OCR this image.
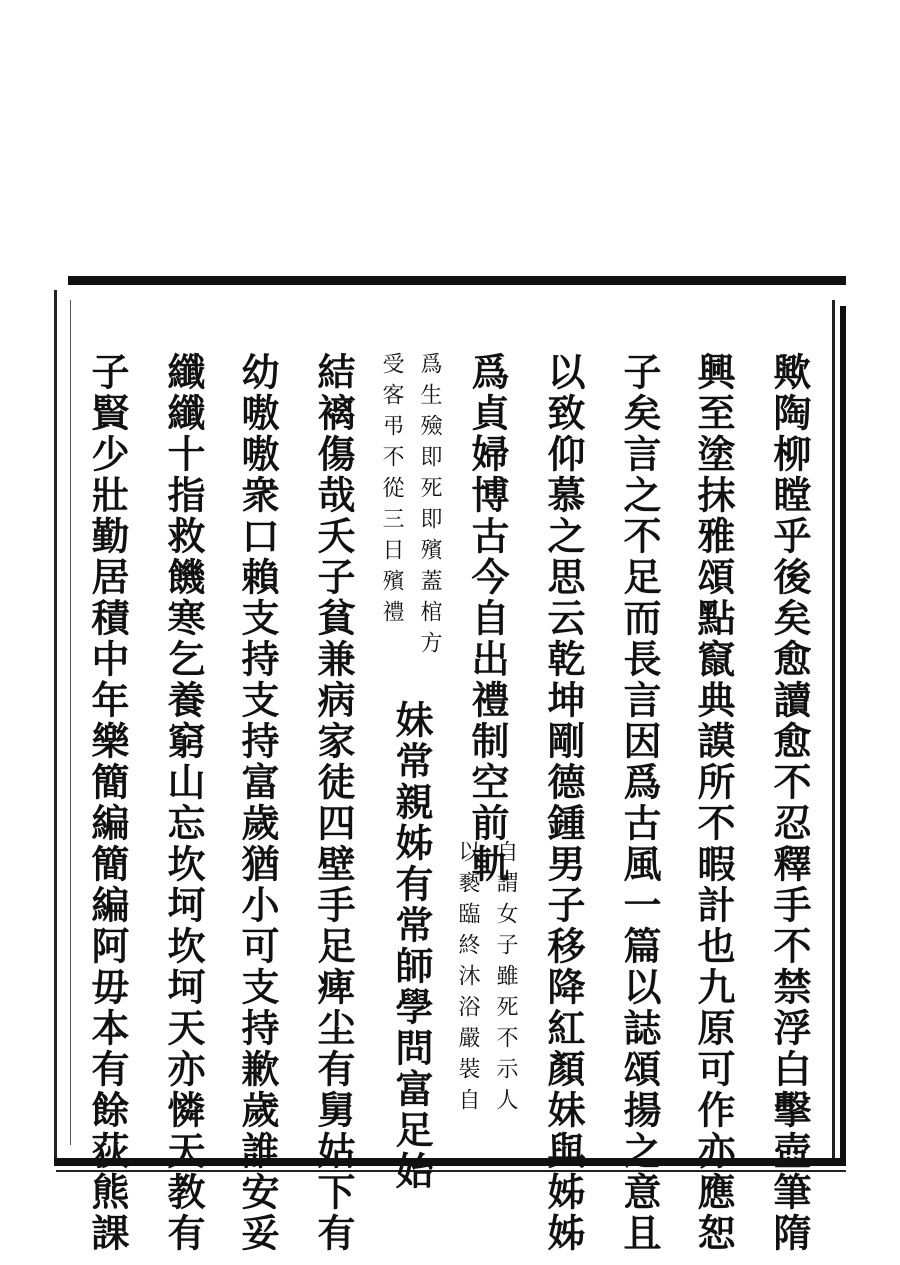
歟陶柳瞠乎後矣愈讀愈不忍釋手不禁浮白擊壺筆隋
興至塗抹雅頌點竄典謨所不暇計也九原可作亦應恕
子矣言之不足而長言因爲古風一篇以誌頌揚之意且
以致仰慕之思云乾坤剛德鍾男子移降紅顏妹與姊姊
爲貞婦博古今自出禮制空前軌
自謂女子雖死不示人
以褻臨終沐浴嚴裝自
爲生殮即死即殯蓋棺方
妹常親姊有常師學問富足始
受客弔不從三日殯禮
結褵傷哉夭子貧兼病家徒四壁手足痺尘有舅姑下有
幼嗷嗷衆口賴支持支持富歲猶小可支持歉歲誰安妥
纖纖十指救饑寒乞養窮山忘坎坷坎坷天亦憐天教有
子賢少壯勤居積中年樂簡編簡編阿毋本有餘荻熊課
